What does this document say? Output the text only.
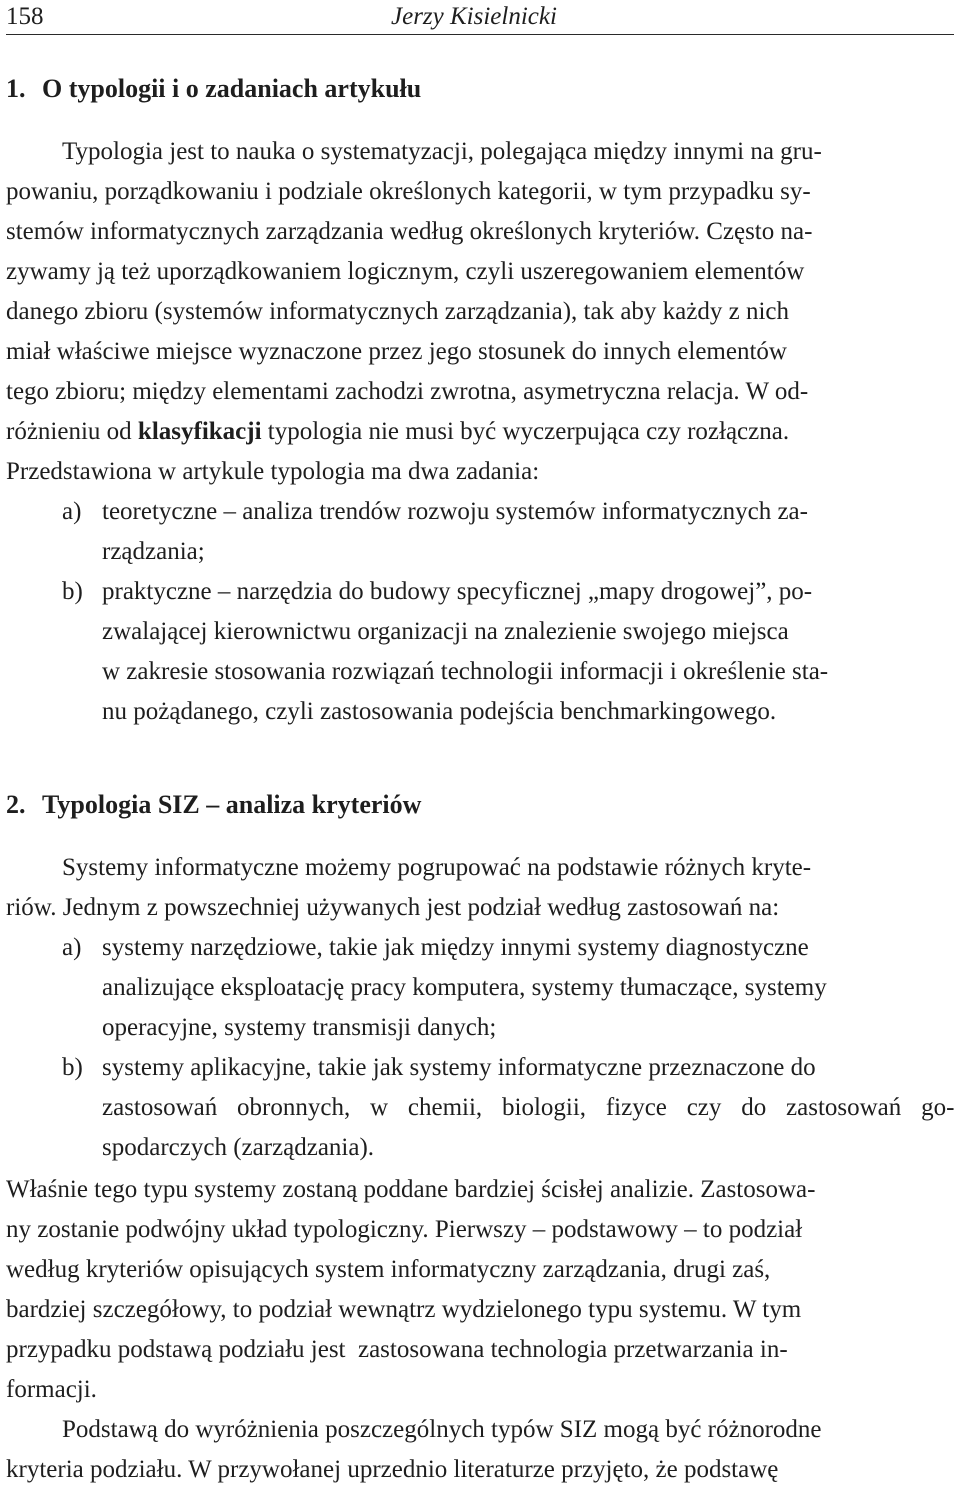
158	Jerzy Kisielnicki
1. O typologii i o zadaniach artykułu
Typologia jest to nauka o systematyzacji, polegająca między innymi na gru-
powaniu, porządkowaniu i podziale określonych kategorii, w tym przypadku sy-
stemów informatycznych zarządzania według określonych kryteriów. Często na-
zywamy ją też uporządkowaniem logicznym, czyli uszeregowaniem elementów
danego zbioru (systemów informatycznych zarządzania), tak aby każdy z nich
miał właściwe miejsce wyznaczone przez jego stosunek do innych elementów
tego zbioru; między elementami zachodzi zwrotna, asymetryczna relacja. W od-
różnieniu od klasyfikacji typologia nie musi być wyczerpująca czy rozłączna.
Przedstawiona w artykule typologia ma dwa zadania:
a) teoretyczne – analiza trendów rozwoju systemów informatycznych za-
rządzania;
b) praktyczne – narzędzia do budowy specyficznej „mapy drogowej”, po-
zwalającej kierownictwu organizacji na znalezienie swojego miejsca
w zakresie stosowania rozwiązań technologii informacji i określenie sta-
nu pożądanego, czyli zastosowania podejścia benchmarkingowego.
2. Typologia SIZ – analiza kryteriów
Systemy informatyczne możemy pogrupować na podstawie różnych kryte-
riów. Jednym z powszechniej używanych jest podział według zastosowań na:
a) systemy narzędziowe, takie jak między innymi systemy diagnostyczne
analizujące eksploatację pracy komputera, systemy tłumaczące, systemy
operacyjne, systemy transmisji danych;
b) systemy aplikacyjne, takie jak systemy informatyczne przeznaczone do
zastosowań obronnych, w chemii, biologii, fizyce czy do zastosowań go-
spodarczych (zarządzania).
Właśnie tego typu systemy zostaną poddane bardziej ścisłej analizie. Zastosowa-
ny zostanie podwójny układ typologiczny. Pierwszy – podstawowy – to podział
według kryteriów opisujących system informatyczny zarządzania, drugi zaś,
bardziej szczegółowy, to podział wewnątrz wydzielonego typu systemu. W tym
przypadku podstawą podziału jest  zastosowana technologia przetwarzania in-
formacji.
Podstawą do wyróżnienia poszczególnych typów SIZ mogą być różnorodne
kryteria podziału. W przywołanej uprzednio literaturze przyjęto, że podstawę
